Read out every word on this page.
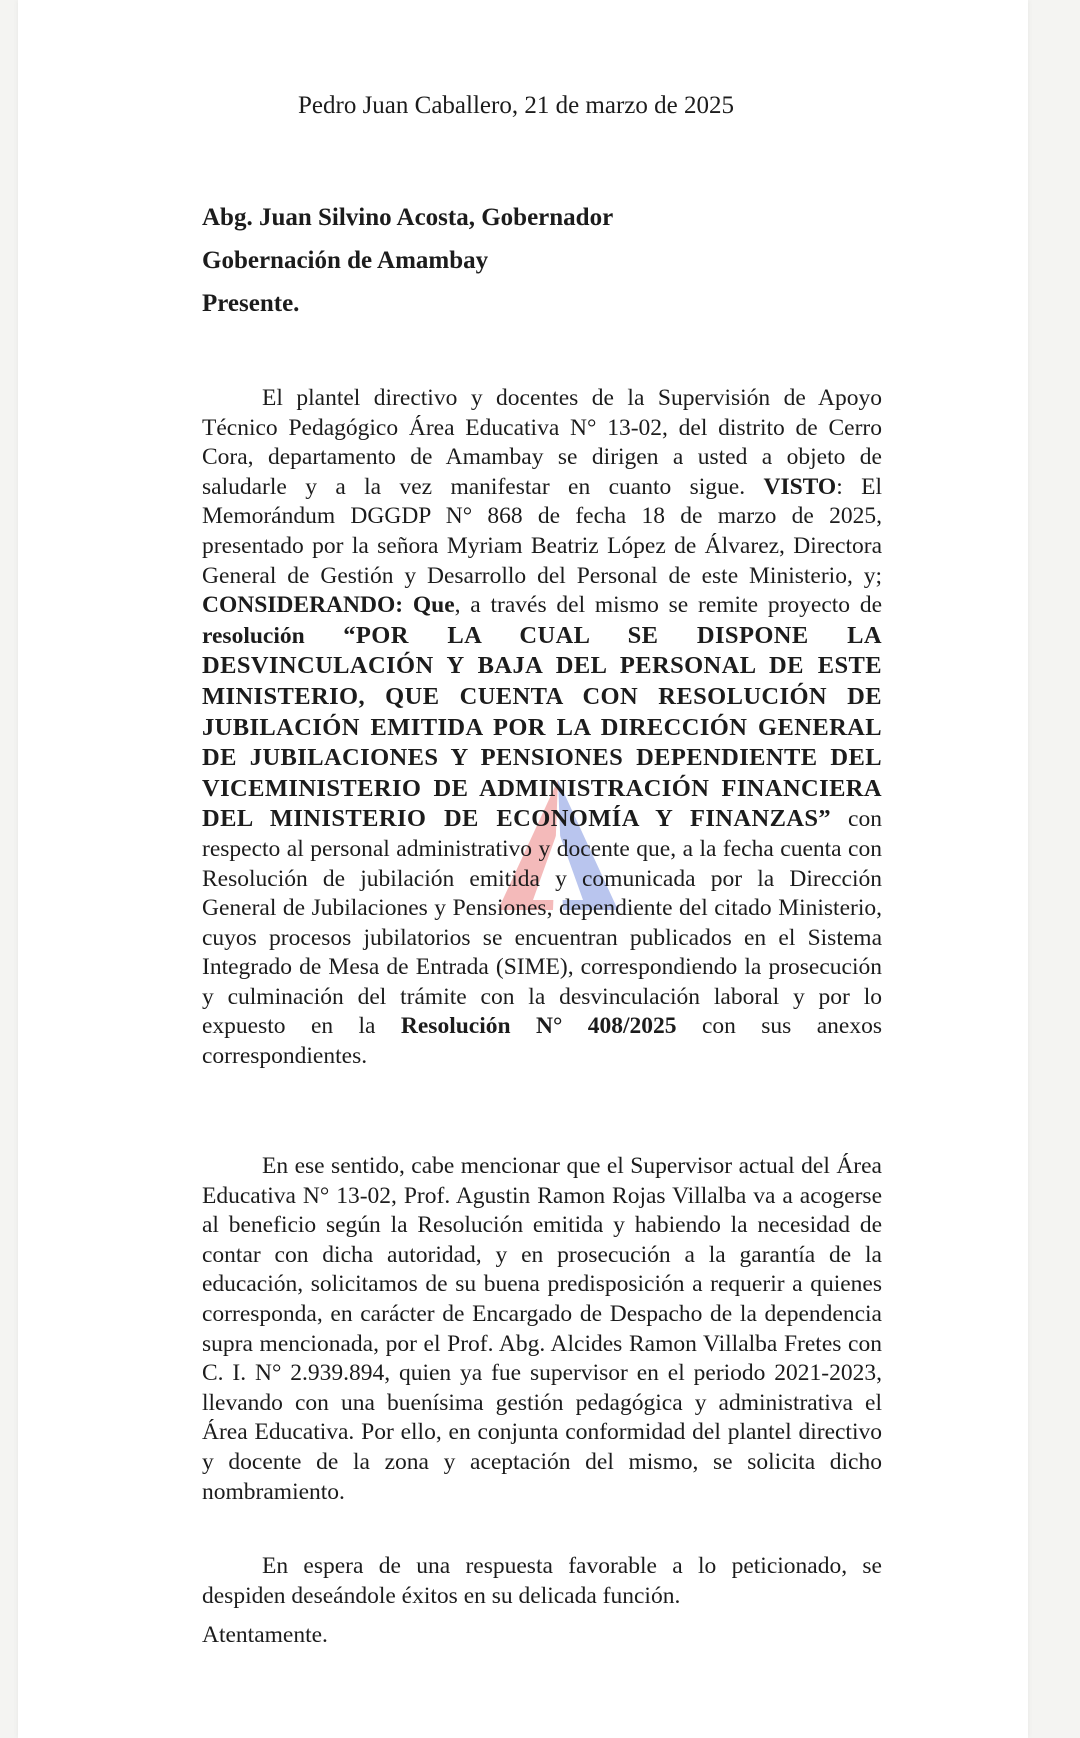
Pedro Juan Caballero, 21 de marzo de 2025
Abg. Juan Silvino Acosta, Gobernador
Gobernación de Amambay
Presente.
El plantel directivo y docentes de la Supervisión de Apoyo Técnico Pedagógico Área Educativa N° 13-02, del distrito de Cerro Cora, departamento de Amambay se dirigen a usted a objeto de saludarle y a la vez manifestar en cuanto sigue. VISTO: El Memorándum DGGDP N° 868 de fecha 18 de marzo de 2025, presentado por la señora Myriam Beatriz López de Álvarez, Directora General de Gestión y Desarrollo del Personal de este Ministerio, y; CONSIDERANDO: Que, a través del mismo se remite proyecto de resolución “POR LA CUAL SE DISPONE LA DESVINCULACIÓN Y BAJA DEL PERSONAL DE ESTE MINISTERIO, QUE CUENTA CON RESOLUCIÓN DE JUBILACIÓN EMITIDA POR LA DIRECCIÓN GENERAL DE JUBILACIONES Y PENSIONES DEPENDIENTE DEL VICEMINISTERIO DE ADMINISTRACIÓN FINANCIERA DEL MINISTERIO DE ECONOMÍA Y FINANZAS” con respecto al personal administrativo y docente que, a la fecha cuenta con Resolución de jubilación emitida y comunicada por la Dirección General de Jubilaciones y Pensiones, dependiente del citado Ministerio, cuyos procesos jubilatorios se encuentran publicados en el Sistema Integrado de Mesa de Entrada (SIME), correspondiendo la prosecución y culminación del trámite con la desvinculación laboral y por lo expuesto en la Resolución N° 408/2025 con sus anexos correspondientes.
En ese sentido, cabe mencionar que el Supervisor actual del Área Educativa N° 13-02, Prof. Agustin Ramon Rojas Villalba va a acogerse al beneficio según la Resolución emitida y habiendo la necesidad de contar con dicha autoridad, y en prosecución a la garantía de la educación, solicitamos de su buena predisposición a requerir a quienes corresponda, en carácter de Encargado de Despacho de la dependencia supra mencionada, por el Prof. Abg. Alcides Ramon Villalba Fretes con C. I. N° 2.939.894, quien ya fue supervisor en el periodo 2021-2023, llevando con una buenísima gestión pedagógica y administrativa el Área Educativa. Por ello, en conjunta conformidad del plantel directivo y docente de la zona y aceptación del mismo, se solicita dicho nombramiento.
En espera de una respuesta favorable a lo peticionado, se despiden deseándole éxitos en su delicada función.
Atentamente.
